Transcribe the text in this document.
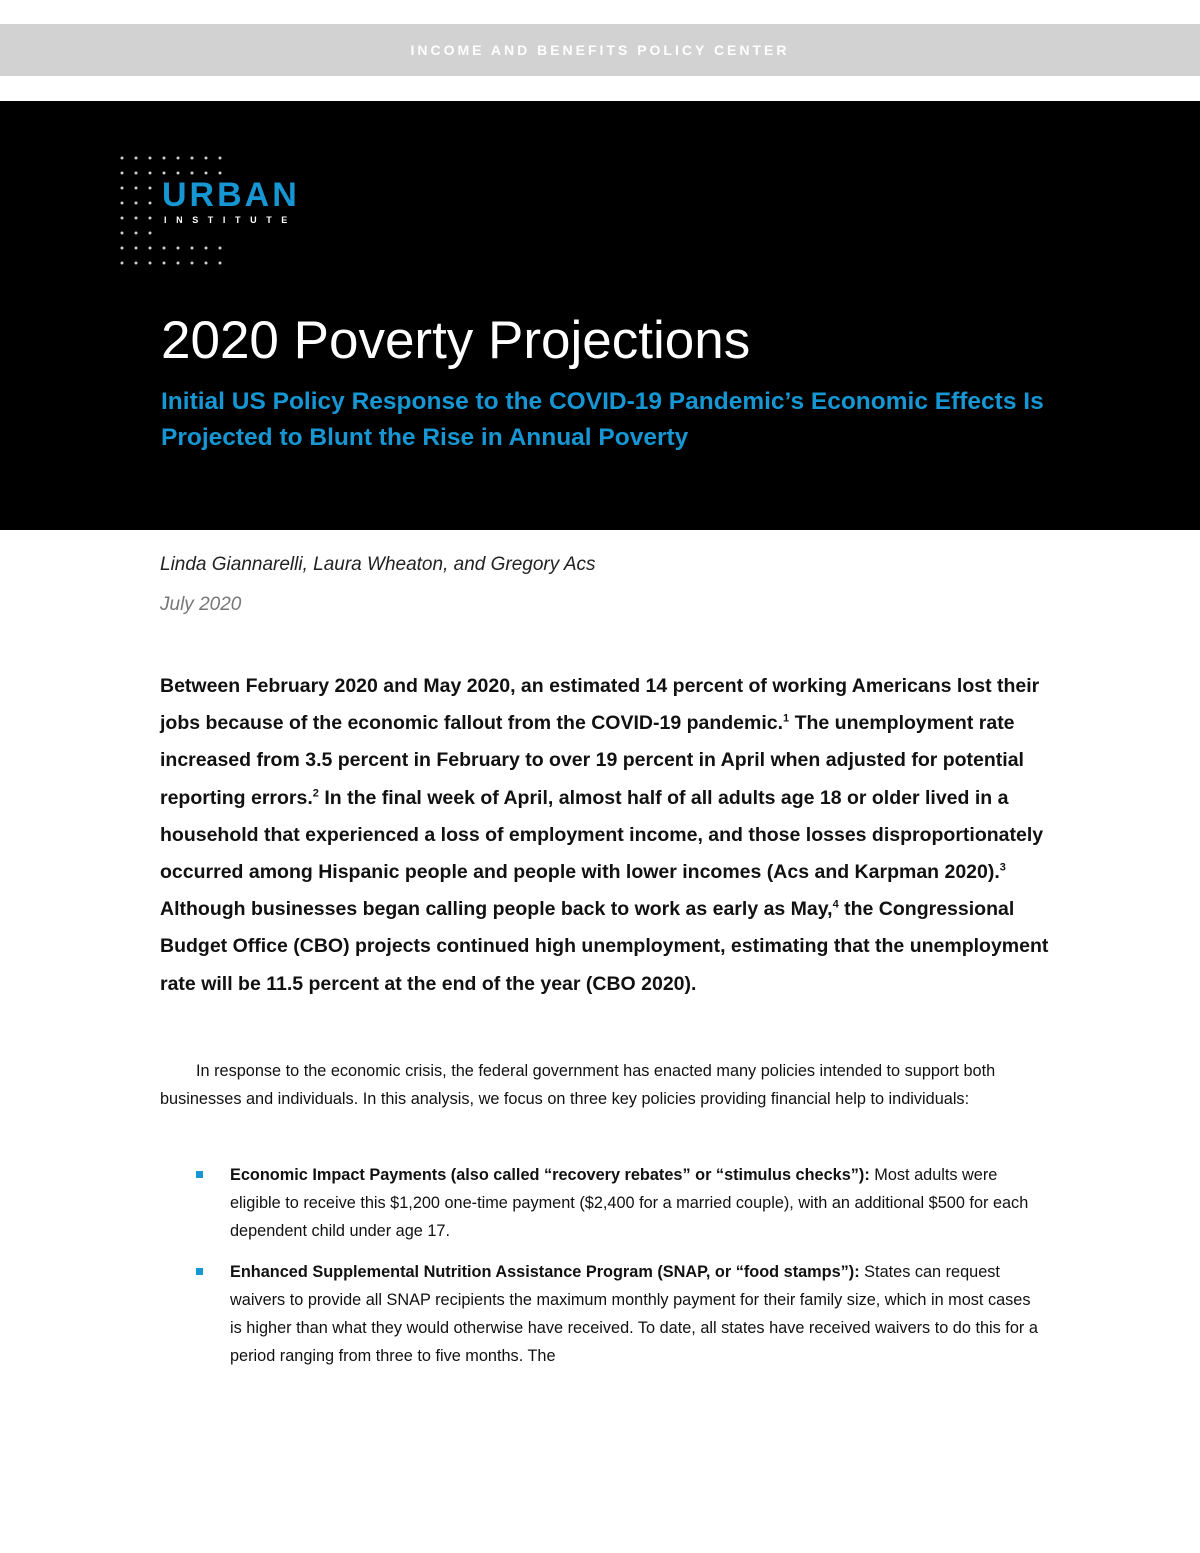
INCOME AND BENEFITS POLICY CENTER
URBAN
INSTITUTE
2020 Poverty Projections
Initial US Policy Response to the COVID-19 Pandemic’s Economic Effects Is Projected to Blunt the Rise in Annual Poverty
Linda Giannarelli, Laura Wheaton, and Gregory Acs
July 2020

Between February 2020 and May 2020, an estimated 14 percent of working Americans lost their jobs because of the economic fallout from the COVID-19 pandemic.$^1$ The unemployment rate increased from 3.5 percent in February to over 19 percent in April when adjusted for potential reporting errors.$^2$ In the final week of April, almost half of all adults age 18 or older lived in a household that experienced a loss of employment income, and those losses disproportionately occurred among Hispanic people and people with lower incomes (Acs and Karpman 2020).$^3$ Although businesses began calling people back to work as early as May,$^4$ the Congressional Budget Office (CBO) projects continued high unemployment, estimating that the unemployment rate will be 11.5 percent at the end of the year (CBO 2020).

In response to the economic crisis, the federal government has enacted many policies intended to support both businesses and individuals. In this analysis, we focus on three key policies providing financial help to individuals:

Economic Impact Payments (also called “recovery rebates” or “stimulus checks”): Most adults were eligible to receive this $1,200 one-time payment ($2,400 for a married couple), with an additional $500 for each dependent child under age 17.
Enhanced Supplemental Nutrition Assistance Program (SNAP, or “food stamps”): States can request waivers to provide all SNAP recipients the maximum monthly payment for their family size, which in most cases is higher than what they would otherwise have received. To date, all states have received waivers to do this for a period ranging from three to five months. The
